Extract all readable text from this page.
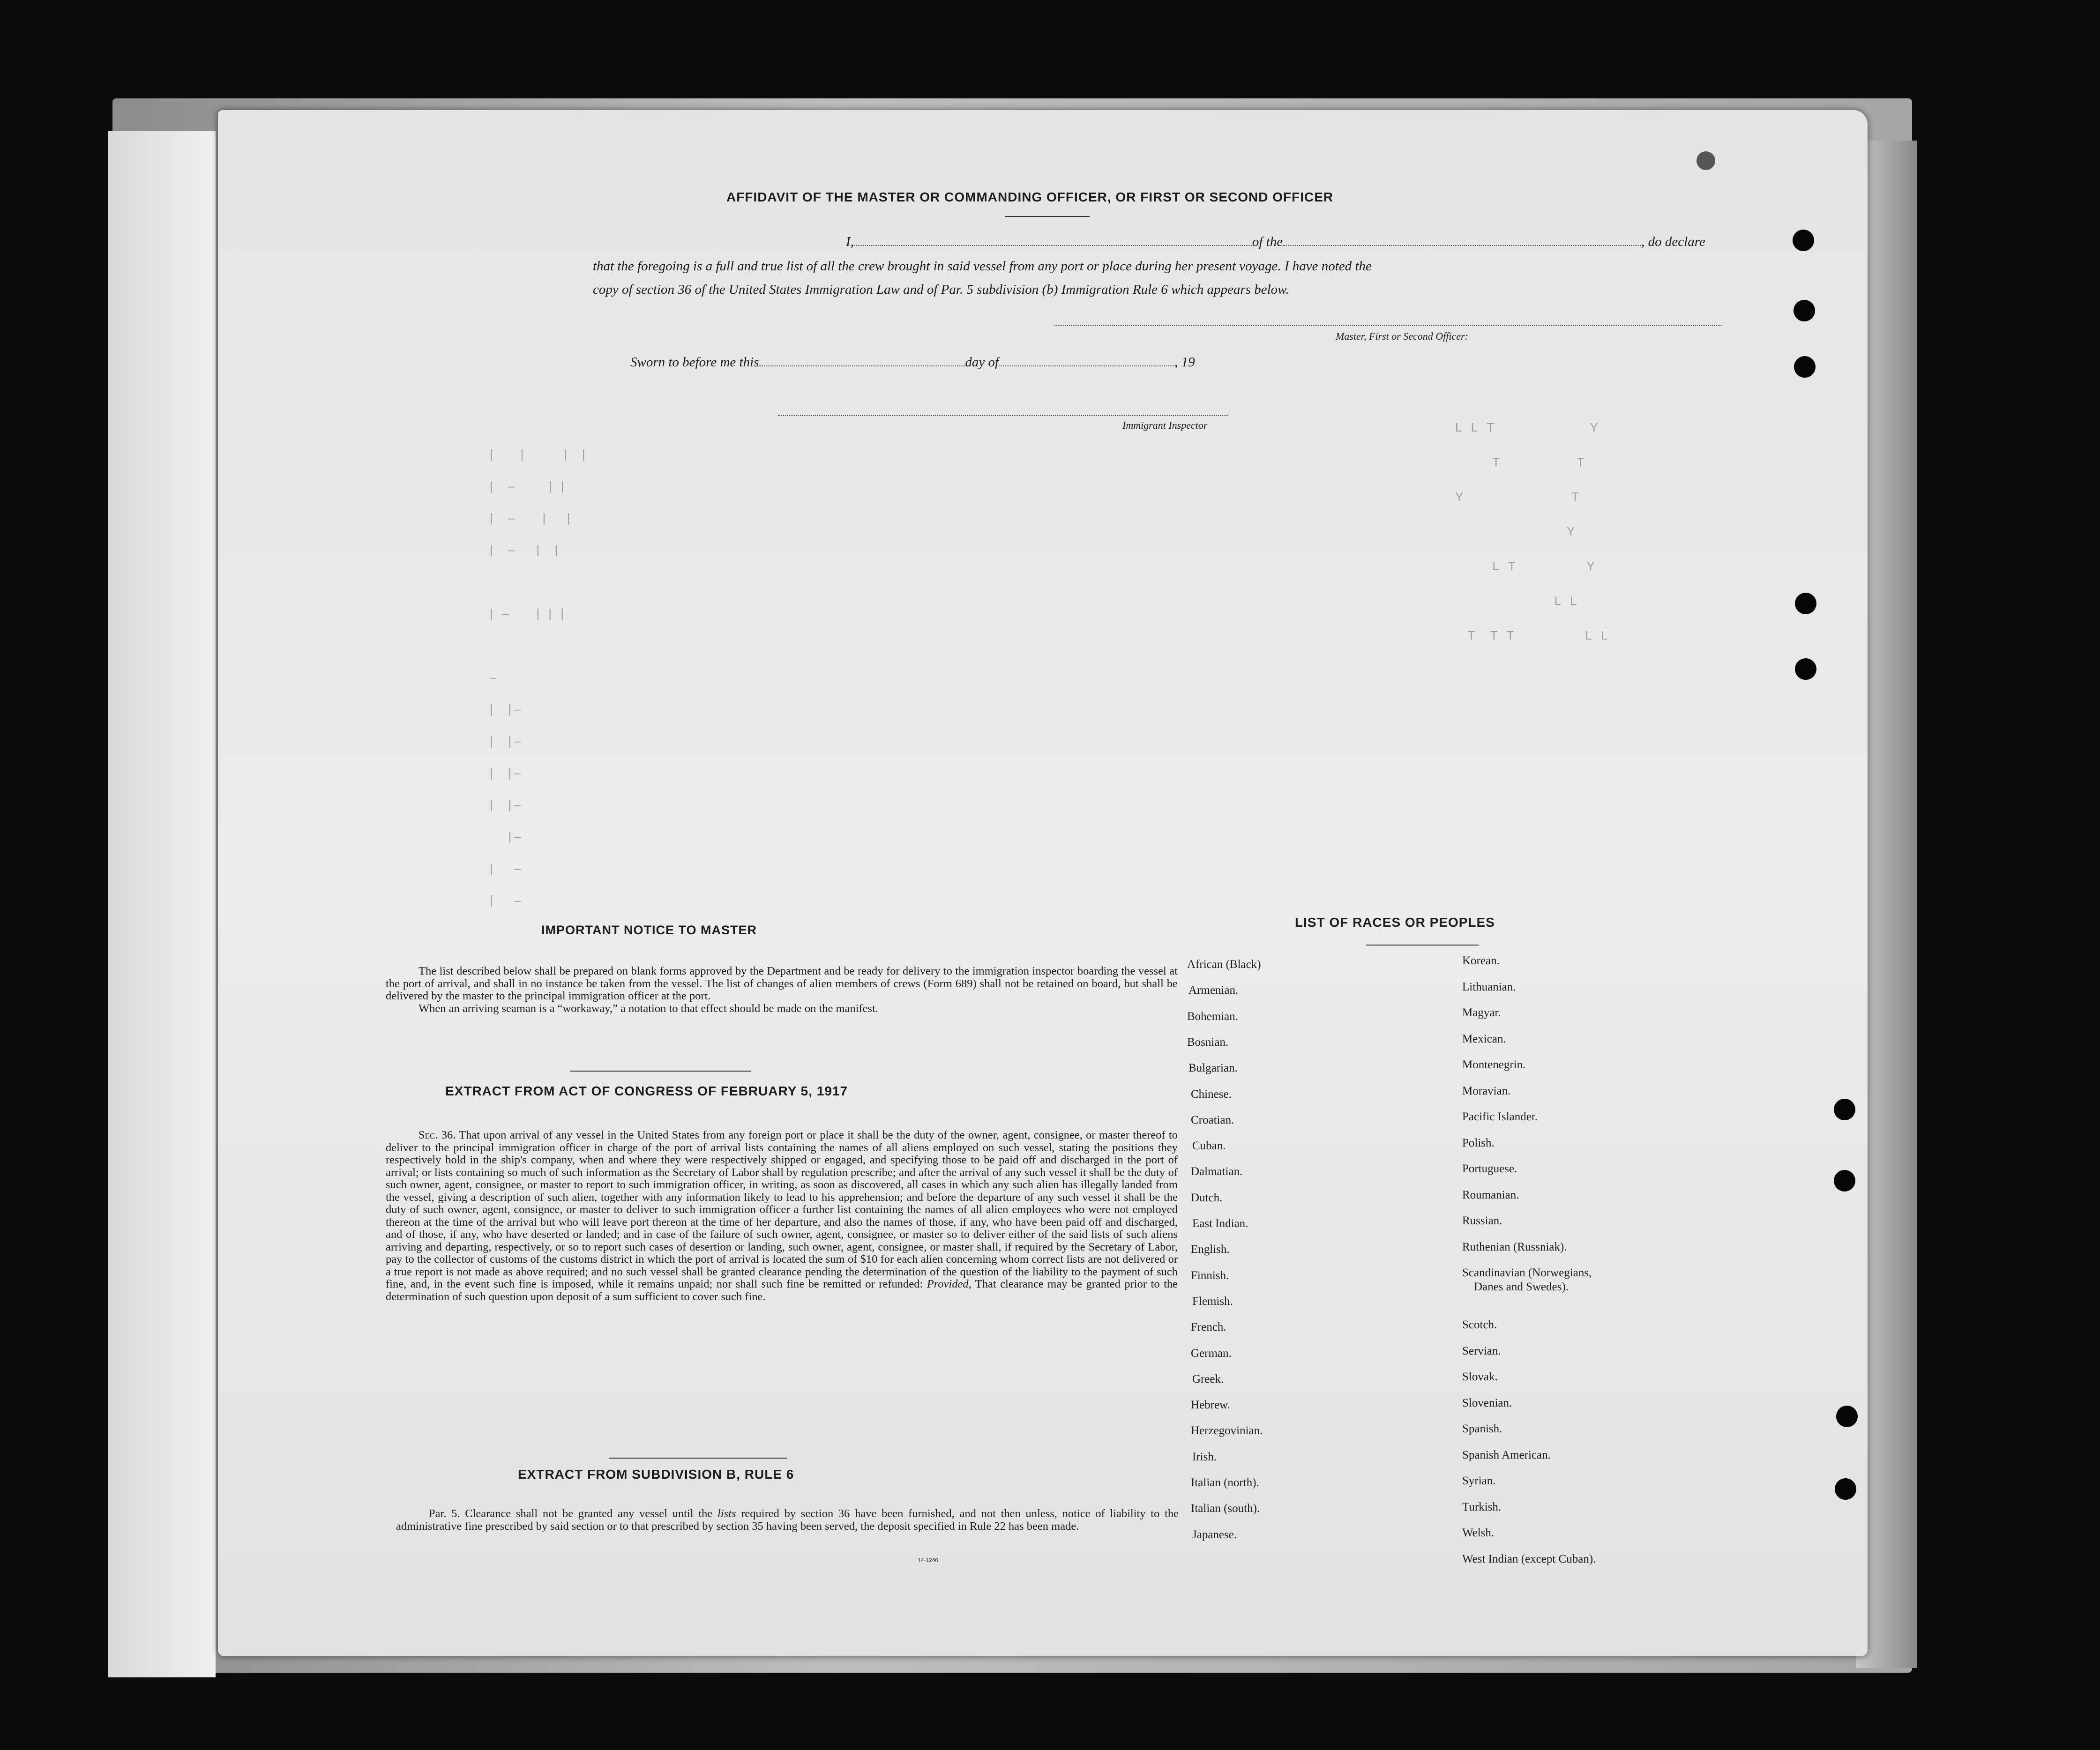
AFFIDAVIT OF THE MASTER OR COMMANDING OFFICER, OR FIRST OR SECOND OFFICER
I,	of the	, do declare
that the foregoing is a full and true list of all the crew brought in said vessel from any port or place during her present voyage. I have noted the
copy of section 36 of the United States Immigration Law and of Par. 5 subdivision (b) Immigration Rule 6 which appears below.
Master, First or Second Officer:
Sworn to before me this	day of	, 19
Immigrant Inspector
|    |      |  |
|  –     | |
|  –    |   |
|  –   |  |

| –    | | |

–
|  |–
|  |–
|  |–
|  |–
|–
|   –
|   –
L L T               Y
T            T
Y                 T
Y
L T           Y
L L
T  T T           L L
IMPORTANT NOTICE TO MASTER
The list described below shall be prepared on blank forms approved by the Department and be ready for delivery to the immigration inspector boarding the vessel at the port of arrival, and shall in no instance be taken from the vessel. The list of changes of alien members of crews (Form 689) shall not be retained on board, but shall be delivered by the master to the principal immigration officer at the port.
When an arriving seaman is a “workaway,” a notation to that effect should be made on the manifest.
EXTRACT FROM ACT OF CONGRESS OF FEBRUARY 5, 1917
Sec. 36. That upon arrival of any vessel in the United States from any foreign port or place it shall be the duty of the owner, agent, consignee, or master thereof to deliver to the principal immigration officer in charge of the port of arrival lists containing the names of all aliens employed on such vessel, stating the positions they respectively hold in the ship's company, when and where they were respectively shipped or engaged, and specifying those to be paid off and discharged in the port of arrival; or lists containing so much of such information as the Secretary of Labor shall by regulation prescribe; and after the arrival of any such vessel it shall be the duty of such owner, agent, consignee, or master to report to such immigration officer, in writing, as soon as discovered, all cases in which any such alien has illegally landed from the vessel, giving a description of such alien, together with any information likely to lead to his apprehension; and before the departure of any such vessel it shall be the duty of such owner, agent, consignee, or master to deliver to such immigration officer a further list containing the names of all alien employees who were not employed thereon at the time of the arrival but who will leave port thereon at the time of her departure, and also the names of those, if any, who have been paid off and discharged, and of those, if any, who have deserted or landed; and in case of the failure of such owner, agent, consignee, or master so to deliver either of the said lists of such aliens arriving and departing, respectively, or so to report such cases of desertion or landing, such owner, agent, consignee, or master shall, if required by the Secretary of Labor, pay to the collector of customs of the customs district in which the port of arrival is located the sum of $10 for each alien concerning whom correct lists are not delivered or a true report is not made as above required; and no such vessel shall be granted clearance pending the determination of the question of the liability to the payment of such fine, and, in the event such fine is imposed, while it remains unpaid; nor shall such fine be remitted or refunded: Provided, That clearance may be granted prior to the determination of such question upon deposit of a sum sufficient to cover such fine.
EXTRACT FROM SUBDIVISION B, RULE 6
Par. 5. Clearance shall not be granted any vessel until the lists required by section 36 have been furnished, and not then unless, notice of liability to the administrative fine prescribed by said section or to that prescribed by section 35 having been served, the deposit specified in Rule 22 has been made.
14-1240
LIST OF RACES OR PEOPLES
African (Black)
Armenian.
Bohemian.
Bosnian.
Bulgarian.
Chinese.
Croatian.
Cuban.
Dalmatian.
Dutch.
East Indian.
English.
Finnish.
Flemish.
French.
German.
Greek.
Hebrew.
Herzegovinian.
Irish.
Italian (north).
Italian (south).
Japanese.
Korean.
Lithuanian.
Magyar.
Mexican.
Montenegrin.
Moravian.
Pacific Islander.
Polish.
Portuguese.
Roumanian.
Russian.
Ruthenian (Russniak).
Scandinavian (Norwegians,
Danes and Swedes).
Scotch.
Servian.
Slovak.
Slovenian.
Spanish.
Spanish American.
Syrian.
Turkish.
Welsh.
West Indian (except Cuban).
